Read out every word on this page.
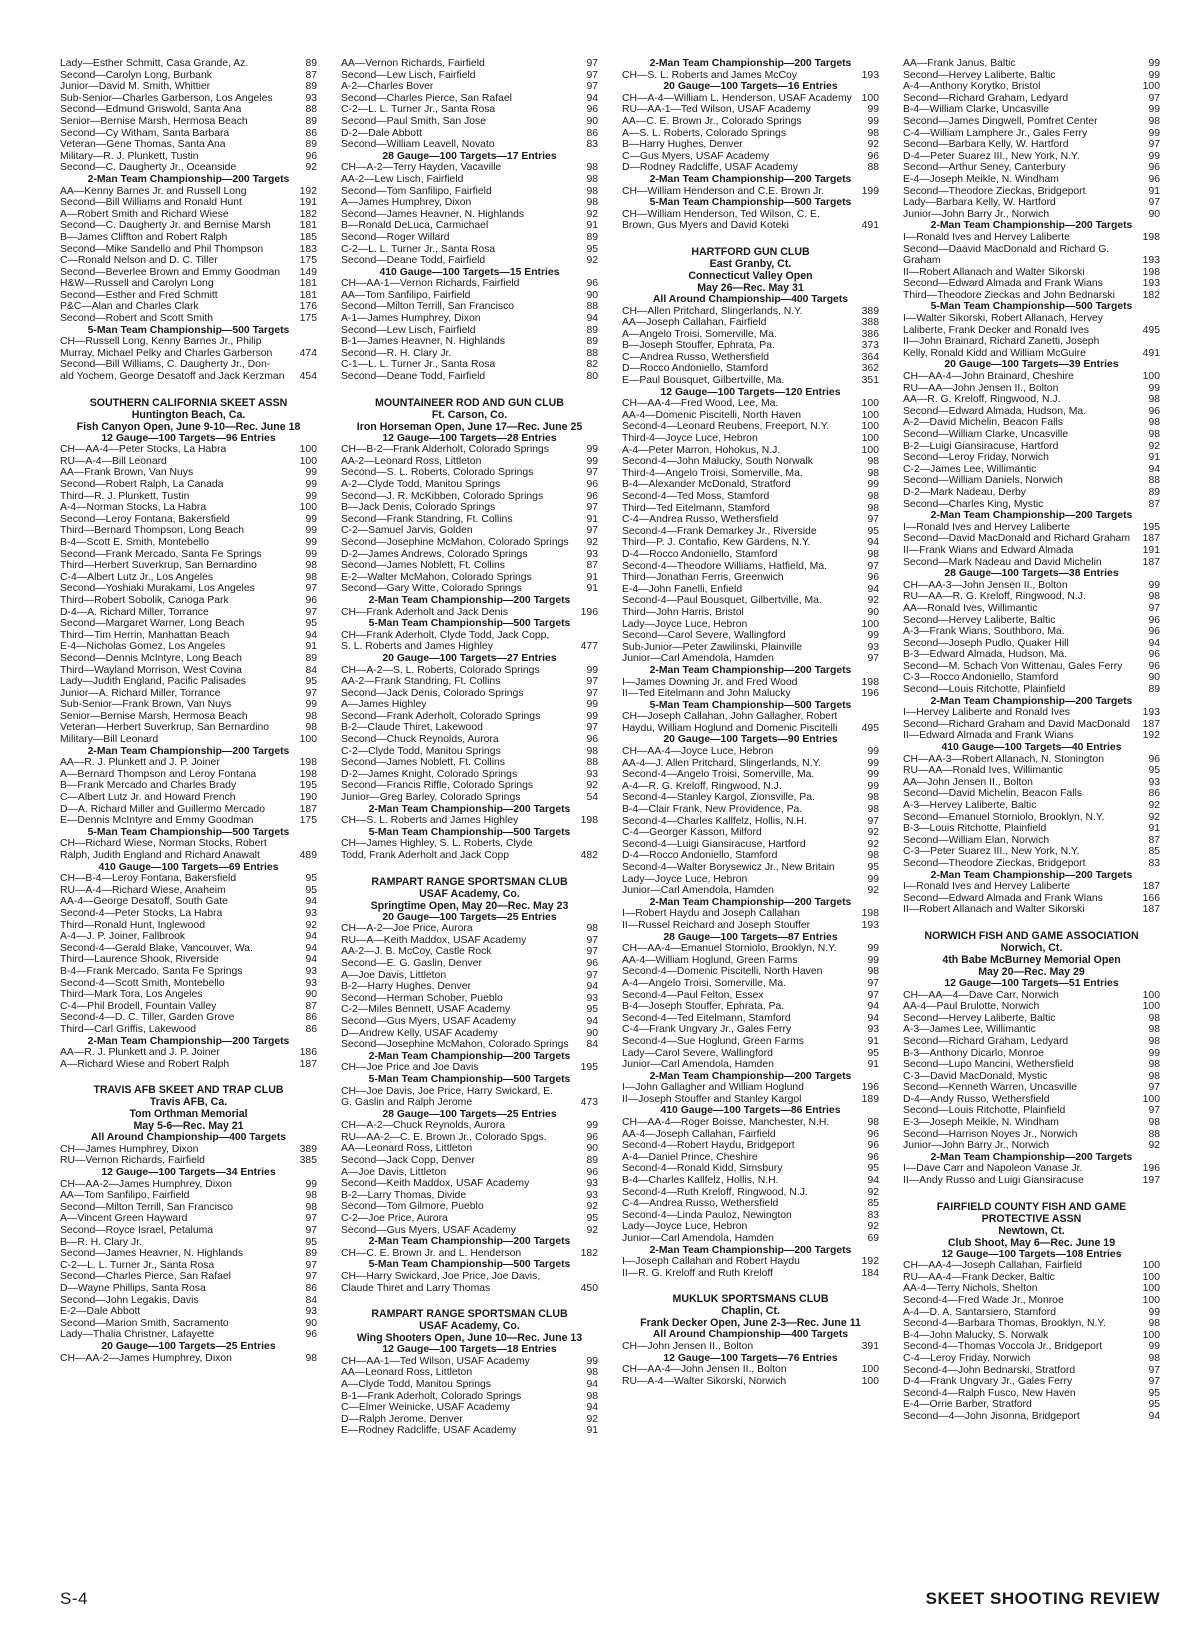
Lady—Esther Schmitt, Casa Grande, Az.	89
Second—Carolyn Long, Burbank	87
Junior—David M. Smith, Whittier	89
Sub-Senior—Charles Garberson, Los Angeles	93
Second—Edmund Griswold, Santa Ana	88
Senior—Bernise Marsh, Hermosa Beach	89
Second—Cy Witham, Santa Barbara	86
Veteran—Gene Thomas, Santa Ana	89
Military—R. J. Plunkett, Tustin	96
Second—C. Daugherty Jr., Oceanside	92
2-Man Team Championship—200 Targets
AA—Kenny Barnes Jr. and Russell Long	192
Second—Bill Williams and Ronald Hunt	191
A—Robert Smith and Richard Wiese	182
Second—C. Daugherty Jr. and Bernise Marsh	181
B—James Cliffton and Robert Ralph	185
Second—Mike Sandello and Phil Thompson	183
C—Ronald Nelson and D. C. Tiller	175
Second—Beverlee Brown and Emmy Goodman	149
H&W—Russell and Carolyn Long	181
Second—Esther and Fred Schmitt	181
P&C—Alan and Charles Clark	176
Second—Robert and Scott Smith	175
5-Man Team Championship—500 Targets
CH—Russell Long, Kenny Barnes Jr., Philip
Murray, Michael Pelky and Charles Garberson	474
Second—Bill Williams, C. Daugherty Jr., Don-
ald Yochem, George Desatoff and Jack Kerzman	454
SOUTHERN CALIFORNIA SKEET ASSN
Huntington Beach, Ca.
Fish Canyon Open, June 9-10—Rec. June 18
12 Gauge—100 Targets—96 Entries
CH—AA-4—Peter Stocks, La Habra	100
RU—A-4—Bill Leonard	100
AA—Frank Brown, Van Nuys	99
Second—Robert Ralph, La Canada	99
Third—R. J. Plunkett, Tustin	99
A-4—Norman Stocks, La Habra	100
Second—Leroy Fontana, Bakersfield	99
Third—Bernard Thompson, Long Beach	99
B-4—Scott E. Smith, Montebello	99
Second—Frank Mercado, Santa Fe Springs	99
Third—Herbert Suverkrup, San Bernardino	98
C-4—Albert Lutz Jr., Los Angeles	98
Second—Yoshiaki Murakami, Los Angeles	97
Third—Robert Sobolik, Canoga Park	96
D-4—A. Richard Miller, Torrance	97
Second—Margaret Warner, Long Beach	95
Third—Tim Herrin, Manhattan Beach	94
E-4—Nicholas Gomez, Los Angeles	91
Second—Dennis McIntyre, Long Beach	89
Third—Wayland Morrison, West Covina	84
Lady—Judith England, Pacific Palisades	95
Junior—A. Richard Miller, Torrance	97
Sub-Senior—Frank Brown, Van Nuys	99
Senior—Bernise Marsh, Hermosa Beach	98
Veteran—Herbert Suverkrup, San Bernardino	98
Military—Bill Leonard	100
2-Man Team Championship—200 Targets
AA—R. J. Plunkett and J. P. Joiner	198
A—Bernard Thompson and Leroy Fontana	198
B—Frank Mercado and Charles Brady	195
C—Albert Lutz Jr. and Howard French	190
D—A. Richard Miller and Guillermo Mercado	187
E—Dennis McIntyre and Emmy Goodman	175
5-Man Team Championship—500 Targets
CH—Richard Wiese, Norman Stocks, Robert
Ralph, Judith England and Richard Anawalt	489
410 Gauge—100 Targets—69 Entries
CH—B-4—Leroy Fontana, Bakersfield	95
RU—A-4—Richard Wiese, Anaheim	95
AA-4—George Desatoff, South Gate	94
Second-4—Peter Stocks, La Habra	93
Third—Ronald Hunt, Inglewood	92
A-4—J. P. Joiner, Fallbrook	94
Second-4—Gerald Blake, Vancouver, Wa.	94
Third—Laurence Shook, Riverside	94
B-4—Frank Mercado, Santa Fe Springs	93
Second-4—Scott Smith, Montebello	93
Third—Mark Tora, Los Angeles	90
C-4—Phil Brodell, Fountain Valley	87
Second-4—D. C. Tiller, Garden Grove	86
Third—Carl Griffis, Lakewood	86
2-Man Team Championship—200 Targets
AA—R. J. Plunkett and J. P. Joiner	186
A—Richard Wiese and Robert Ralph	187
TRAVIS AFB SKEET AND TRAP CLUB
Travis AFB, Ca.
Tom Orthman Memorial
May 5-6—Rec. May 21
All Around Championship—400 Targets
CH—James Humphrey, Dixon	389
RU—Vernon Richards, Fairfield	385
12 Gauge—100 Targets—34 Entries
CH—AA-2—James Humphrey, Dixon	99
AA—Tom Sanfilipo, Fairfield	98
Second—Milton Terrill, San Francisco	98
A—Vincent Green Hayward	97
Second—Royce Israel, Petaluma	97
B—R. H. Clary Jr.	95
Second—James Heavner, N. Highlands	89
C-2—L. L. Turner Jr., Santa Rosa	97
Second—Charles Pierce, San Rafael	97
D—Wayne Phillips, Santa Rosa	86
Second—John Legakis, Davis	84
E-2—Dale Abbott	93
Second—Marion Smith, Sacramento	90
Lady—Thalia Christner, Lafayette	96
20 Gauge—100 Targets—25 Entries
CH—AA-2—James Humphrey, Dixon	98
AA—Vernon Richards, Fairfield	97
Second—Lew Lisch, Fairfield	97
A-2—Charles Bover	97
Second—Charles Pierce, San Rafael	94
C-2—L. L. Turner Jr., Santa Rosa	96
Second—Paul Smith, San Jose	90
D-2—Dale Abbott	86
Second—William Leavell, Novato	83
28 Gauge—100 Targets—17 Entries
CH—A-2—Terry Hayden, Vacaville	98
AA-2—Lew Lisch, Fairfield	98
Second—Tom Sanfilipo, Fairfield	98
A—James Humphrey, Dixon	98
Second—James Heavner, N. Highlands	92
B—Ronald DeLuca, Carmichael	91
Second—Roger Willard	89
C-2—L. L. Turner Jr., Santa Rosa	95
Second—Deane Todd, Fairfield	92
410 Gauge—100 Targets—15 Entries
CH—AA-1—Vernon Richards, Fairfield	96
AA—Tom Sanfilipo, Fairfield	90
Second—Milton Terrill, San Francisco	88
A-1—James Humphrey, Dixon	94
Second—Lew Lisch, Fairfield	89
B-1—James Heavner, N. Highlands	89
Second—R. H. Clary Jr.	88
C-1—L. L. Turner Jr., Santa Rosa	82
Second—Deane Todd, Fairfield	80
MOUNTAINEER ROD AND GUN CLUB
Ft. Carson, Co.
Iron Horseman Open, June 17—Rec. June 25
12 Gauge—100 Targets—28 Entries
CH—B-2—Frank Alderholt, Colorado Springs	99
AA-2—Leonard Ross, Littleton	99
Second—S. L. Roberts, Colorado Springs	97
A-2—Clyde Todd, Manitou Springs	96
Second—J. R. McKibben, Colorado Springs	96
B—Jack Denis, Colorado Springs	97
Second—Frank Standring, Ft. Collins	91
C-2—Samuel Jarvis, Golden	97
Second—Josephine McMahon, Colorado Springs	92
D-2—James Andrews, Colorado Springs	93
Second—James Noblett, Ft. Collins	87
E-2—Walter McMahon, Colorado Springs	91
Second—Gary Witte, Colorado Springs	91
2-Man Team Championship—200 Targets
CH—Frank Aderholt and Jack Denis	196
5-Man Team Championship—500 Targets
CH—Frank Aderholt, Clyde Todd, Jack Copp,
S. L. Roberts and James Highley	477
20 Gauge—100 Targets—27 Entries
CH—A-2—S. L. Roberts, Colorado Springs	99
AA-2—Frank Standring, Ft. Collins	97
Second—Jack Denis, Colorado Springs	97
A—James Highley	99
Second—Frank Aderholt, Colorado Springs	99
B-2—Claude Thiret, Lakewood	97
Second—Chuck Reynolds, Aurora	96
C-2—Clyde Todd, Manitou Springs	98
Second—James Noblett, Ft. Collins	88
D-2—James Knight, Colorado Springs	93
Second—Francis Riffle, Colorado Springs	92
Junior—Greg Barley, Colorado Springs	54
2-Man Team Championship—200 Targets
CH—S. L. Roberts and James Highley	198
5-Man Team Championship—500 Targets
CH—James Highley, S. L. Roberts, Clyde
Todd, Frank Aderholt and Jack Copp	482
RAMPART RANGE SPORTSMAN CLUB
USAF Academy, Co.
Springtime Open, May 20—Rec. May 23
20 Gauge—100 Targets—25 Entries
CH—A-2—Joe Price, Aurora	98
RU—A—Keith Maddox, USAF Academy	97
AA-2—J. B. McCoy, Castle Rock	97
Second—E. G. Gaslin, Denver	96
A—Joe Davis, Littleton	97
B-2—Harry Hughes, Denver	94
Second—Herman Schober, Pueblo	93
C-2—Miles Bennett, USAF Academy	95
Second—Gus Myers, USAF Academy	94
D—Andrew Kelly, USAF Academy	90
Second—Josephine McMahon, Colorado Springs	84
2-Man Team Championship—200 Targets
CH—Joe Price and Joe Davis	195
5-Man Team Championship—500 Targets
CH—Joe Davis, Joe Price, Harry Swickard, E.
G. Gaslin and Ralph Jerome	473
28 Gauge—100 Targets—25 Entries
CH—A-2—Chuck Reynolds, Aurora	99
RU—AA-2—C. E. Brown Jr., Colorado Spgs.	96
AA—Leonard Ross, Littleton	90
Second—Jack Copp, Denver	89
A—Joe Davis, Littleton	96
Second—Keith Maddox, USAF Academy	93
B-2—Larry Thomas, Divide	93
Second—Tom Gilmore, Pueblo	92
C-2—Joe Price, Aurora	95
Second—Gus Myers, USAF Academy	92
2-Man Team Championship—200 Targets
CH—C. E. Brown Jr. and L. Henderson	182
5-Man Team Championship—500 Targets
CH—Harry Swickard, Joe Price, Joe Davis,
Claude Thiret and Larry Thomas	450
RAMPART RANGE SPORTSMAN CLUB
USAF Academy, Co.
Wing Shooters Open, June 10—Rec. June 13
12 Gauge—100 Targets—18 Entries
CH—AA-1—Ted Wilson, USAF Academy	99
AA—Leonard Ross, Littleton	98
A—Clyde Todd, Manitou Springs	94
B-1—Frank Aderholt, Colorado Springs	98
C—Elmer Weinicke, USAF Academy	94
D—Ralph Jerome, Denver	92
E—Rodney Radcliffe, USAF Academy	91
2-Man Team Championship—200 Targets
CH—S. L. Roberts and James McCoy	193
20 Gauge—100 Targets—16 Entries
CH—A-4—William L. Henderson, USAF Academy 100
RU—AA-1—Ted Wilson, USAF Academy	99
AA—C. E. Brown Jr., Colorado Springs	99
A—S. L. Roberts, Colorado Springs	98
B—Harry Hughes, Denver	92
C—Gus Myers, USAF Academy	96
D—Rodney Radcliffe, USAF Academy	88
2-Man Team Championship—200 Targets
CH—William Henderson and C.E. Brown Jr.	199
5-Man Team Championship—500 Targets
CH—William Henderson, Ted Wilson, C. E.
Brown, Gus Myers and David Koteki	491
HARTFORD GUN CLUB
East Granby, Ct.
Connecticut Valley Open
May 26—Rec. May 31
All Around Championship—400 Targets
CH—Allen Pritchard, Slingerlands, N.Y.	389
AA—Joseph Callahan, Fairfield	388
A—Angelo Troisi, Somerville, Ma.	386
B—Joseph Stouffer, Ephrata, Pa.	373
C—Andrea Russo, Wethersfield	364
D—Rocco Andoniello, Stamford	362
E—Paul Bousquet, Gilbertville, Ma.	351
12 Gauge—100 Targets—120 Entries
CH—AA-4—Fred Wood, Lee, Ma.	100
AA-4—Domenic Piscitelli, North Haven	100
Second-4—Leonard Reubens, Freeport, N.Y.	100
Third-4—Joyce Luce, Hebron	100
A-4—Peter Marron, Hohokus, N.J.	100
Second-4—John Malucky, South Norwalk	98
Third-4—Angelo Troisi, Somerville, Ma.	98
B-4—Alexander McDonald, Stratford	99
Second-4—Ted Moss, Stamford	98
Third—Ted Eitelmann, Stamford	98
C-4—Andrea Russo, Wethersfield	97
Second-4—Frank Demarkey Jr., Riverside	95
Third—P. J. Contafio, Kew Gardens, N.Y.	94
D-4—Rocco Andoniello, Stamford	98
Second-4—Theodore Williams, Hatfield, Ma.	97
Third—Jonathan Ferris, Greenwich	96
E-4—John Fanelli, Enfield	94
Second-4—Paul Bousquet, Gilbertville, Ma.	92
Third—John Harris, Bristol	90
Lady—Joyce Luce, Hebron	100
Second—Carol Severe, Wallingford	99
Sub-Junior—Peter Zawilinski, Plainville	93
Junior—Carl Amendola, Hamden	97
2-Man Team Championship—200 Targets
I—James Downing Jr. and Fred Wood	198
II—Ted Eitelmann and John Malucky	196
5-Man Team Championship—500 Targets
CH—Joseph Callahan, John Gallagher, Robert
Haydu, William Hoglund and Domenic Piscitelli	495
20 Gauge—100 Targets—90 Entries
CH—AA-4—Joyce Luce, Hebron	99
AA-4—J. Allen Pritchard, Slingerlands, N.Y.	99
Second-4—Angelo Troisi, Somerville, Ma.	99
A-4—R. G. Kreloff, Ringwood, N.J.	99
Second-4—Stanley Kargol, Zionsville, Pa.	98
B-4—Clair Frank, New Providence, Pa.	98
Second-4—Charles Kallfelz, Hollis, N.H.	97
C-4—Georger Kasson, Milford	92
Second-4—Luigi Giansiracuse, Hartford	92
D-4—Rocco Andoniello, Stamford	98
Second-4—Walter Borysewicz Jr., New Britain	95
Lady—Joyce Luce, Hebron	99
Junior—Carl Amendola, Hamden	92
2-Man Team Championship—200 Targets
I—Robert Haydu and Joseph Callahan	198
II—Russel Reichard and Joseph Stouffer	193
28 Gauge—100 Targets—87 Entries
CH—AA-4—Emanuel Storniolo, Brooklyn, N.Y.	99
AA-4—William Hoglund, Green Farms	99
Second-4—Domenic Piscitelli, North Haven	98
A-4—Angelo Troisi, Somerville, Ma.	97
Second-4—Paul Felton, Essex	97
B-4—Joseph Stouffer, Ephrata, Pa.	94
Second-4—Ted Eitelmann, Stamford	94
C-4—Frank Ungvary Jr., Gales Ferry	93
Second-4—Sue Hoglund, Green Farms	91
Lady—Carol Severe, Wallingford	95
Junior—Carl Amendola, Hamden	91
2-Man Team Championship—200 Targets
I—John Gallagher and William Hoglund	196
II—Joseph Stouffer and Stanley Kargol	189
410 Gauge—100 Targets—86 Entries
CH—AA-4—Roger Boisse, Manchester, N.H.	98
AA-4—Joseph Callahan, Fairfield	96
Second-4—Robert Haydu, Bridgeport	96
A-4—Daniel Prince, Cheshire	96
Second-4—Ronald Kidd, Simsbury	95
B-4—Charles Kallfelz, Hollis, N.H.	94
Second-4—Ruth Kreloff, Ringwood, N.J.	92
C-4—Andrea Russo, Wethersfield	85
Second-4—Linda Pauloz, Newington	83
Lady—Joyce Luce, Hebron	92
Junior—Carl Amendola, Hamden	69
2-Man Team Championship—200 Targets
I—Joseph Callahan and Robert Haydu	192
II—R. G. Kreloff and Ruth Kreloff	184
MUKLUK SPORTSMANS CLUB
Chaplin, Ct.
Frank Decker Open, June 2-3—Rec. June 11
All Around Championship—400 Targets
CH—John Jensen II., Bolton	391
12 Gauge—100 Targets—76 Entries
CH—AA-4—John Jensen II., Bolton	100
RU—A-4—Walter Sikorski, Norwich	100
AA—Frank Janus, Baltic	99
Second—Hervey Laliberte, Baltic	99
A-4—Anthony Korytko, Bristol	100
Second—Richard Graham, Ledyard	97
B-4—William Clarke, Uncasville	99
Second—James Dingwell, Pomfret Center	98
C-4—William Lamphere Jr., Gales Ferry	99
Second—Barbara Kelly, W. Hartford	97
D-4—Peter Suarez III., New York, N.Y.	99
Second—Arthur Seney, Canterbury	96
E-4—Joseph Meikle, N. Windham	96
Second—Theodore Zieckas, Bridgeport	91
Lady—Barbara Kelly, W. Hartford	97
Junior—John Barry Jr., Norwich	90
2-Man Team Championship—200 Targets
I—Ronald Ives and Hervey Laliberte	198
Second—Daavid MacDonald and Richard G.
Graham	193
II—Robert Allanach and Walter Sikorski	198
Second—Edward Almada and Frank Wians	193
Third—Theodore Zieckas and John Bednarski	182
5-Man Team Championship—500 Targets
I—Walter Sikorski, Robert Allanach, Hervey
Laliberte, Frank Decker and Ronald Ives	495
II—John Brainard, Richard Zanetti, Joseph
Kelly, Ronald Kidd and William McGuire	491
20 Gauge—100 Targets—39 Entries
CH—AA-4—John Brainard, Cheshire	100
RU—AA—John Jensen II., Bolton	99
AA—R. G. Kreloff, Ringwood, N.J.	98
Second—Edward Almada, Hudson, Ma.	96
A-2—David Michelin, Beacon Falls	98
Second—William Clarke, Uncasville	98
B-2—Luigi Giansiracuse, Hartford	92
Second—Leroy Friday, Norwich	91
C-2—James Lee, Willimantic	94
Second—William Daniels, Norwich	88
D-2—Mark Nadeau, Derby	89
Second—Charles King, Mystic	87
2-Man Team Championship—200 Targets
I—Ronald Ives and Hervey Laliberte	195
Second—David MacDonald and Richard Graham	187
II—Frank Wians and Edward Almada	191
Second—Mark Nadeau and David Michelin	187
28 Gauge—100 Targets—38 Entries
CH—AA-3—John Jensen II., Bolton	99
RU—AA—R. G. Kreloff, Ringwood, N.J.	98
AA—Ronald Ives, Willimantic	97
Second—Hervey Laliberte, Baltic	96
A-3—Frank Wians, Southboro, Ma.	96
Second—Joseph Pudlo, Quaker Hill	94
B-3—Edward Almada, Hudson, Ma.	96
Second—M. Schach Von Wittenau, Gales Ferry	96
C-3—Rocco Andoniello, Stamford	90
Second—Louis Ritchotte, Plainfield	89
2-Man Team Championship—200 Targets
I—Hervey Laliberte and Ronald Ives	193
Second—Richard Graham and David MacDonald	187
II—Edward Almada and Frank Wians	192
410 Gauge—100 Targets—40 Entries
CH—AA-3—Robert Allanach, N. Stonington	96
RU—AA—Ronald Ives, Willimantic	95
AA—John Jensen II., Bolton	93
Second—David Michelin, Beacon Falls	86
A-3—Hervey Laliberte, Baltic	92
Second—Emanuel Storniolo, Brooklyn, N.Y.	92
B-3—Louis Ritchotte, Plainfield	91
Second—William Elan, Norwich	87
C-3—Peter Suarez III., New York, N.Y.	85
Second—Theodore Zieckas, Bridgeport	83
2-Man Team Championship—200 Targets
I—Ronald Ives and Hervey Laliberte	187
Second—Edward Almada and Frank Wians	166
II—Robert Allanach and Walter Sikorski	187
NORWICH FISH AND GAME ASSOCIATION
Norwich, Ct.
4th Babe McBurney Memorial Open
May 20—Rec. May 29
12 Gauge—100 Targets—51 Entries
CH—AA—4—Dave Carr, Norwich	100
AA-4—Paul Brulotte, Norwich	100
Second—Hervey Laliberte, Baltic	98
A-3—James Lee, Willimantic	98
Second—Richard Graham, Ledyard	98
B-3—Anthony Dicarlo, Monroe	99
Second—Lupo Mancini, Wethersfield	98
C-3—David MacDonald, Mystic	98
Second—Kenneth Warren, Uncasville	97
D-4—Andy Russo, Wethersfield	100
Second—Louis Ritchotte, Plainfield	97
E-3—Joseph Meikle, N. Windham	98
Second—Harrison Noyes Jr., Norwich	88
Junior—John Barry Jr., Norwich	92
2-Man Team Championship—200 Targets
I—Dave Carr and Napoleon Vanase Jr.	196
II—Andy Russo and Luigi Giansiracuse	197
FAIRFIELD COUNTY FISH AND GAME
PROTECTIVE ASSN
Newtown, Ct.
Club Shoot, May 6—Rec. June 19
12 Gauge—100 Targets—108 Entries
CH—AA-4—Joseph Callahan, Fairfield	100
RU—AA-4—Frank Decker, Baltic	100
AA-4—Terry Nichols, Shelton	100
Second-4—Fred Wade Jr., Monroe	100
A-4—D. A. Santarsiero, Stamford	99
Second-4—Barbara Thomas, Brooklyn, N.Y.	98
B-4—John Malucky, S. Norwalk	100
Second-4—Thomas Voccola Jr., Bridgeport	99
C-4—Leroy Friday, Norwich	98
Second-4—John Bednarski, Stratford	97
D-4—Frank Ungvary Jr., Gales Ferry	97
Second-4—Ralph Fusco, New Haven	95
E-4—Orrie Barber, Stratford	95
Second—4—John Jisonna, Bridgeport	94
S-4	SKEET SHOOTING REVIEW
